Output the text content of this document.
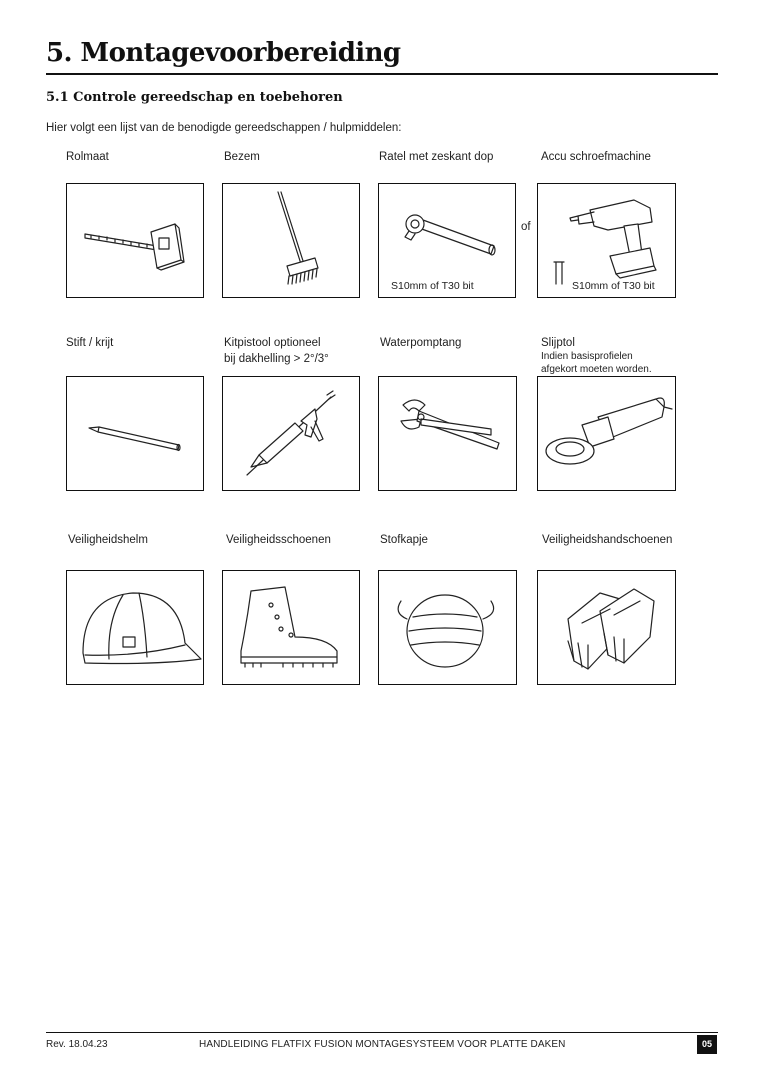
5. Montagevoorbereiding
5.1 Controle gereedschap en toebehoren
Hier volgt een lijst van de benodigde gereedschappen / hulpmiddelen:
Rolmaat	Bezem	Ratel met zeskant dop	Accu schroefmachine
S10mm of T30 bit
of
S10mm of T30 bit
Stift / krijt	Kitpistool optioneel
bij dakhelling > 2°/3°
Waterpomptang	Slijptol
Indien basisprofielen
afgekort moeten worden.
Veiligheidshelm	Veiligheidsschoenen	Stofkapje	Veiligheidshandschoenen
Rev. 18.04.23	HANDLEIDING FLATFIX FUSION MONTAGESYSTEEM VOOR PLATTE DAKEN	05
